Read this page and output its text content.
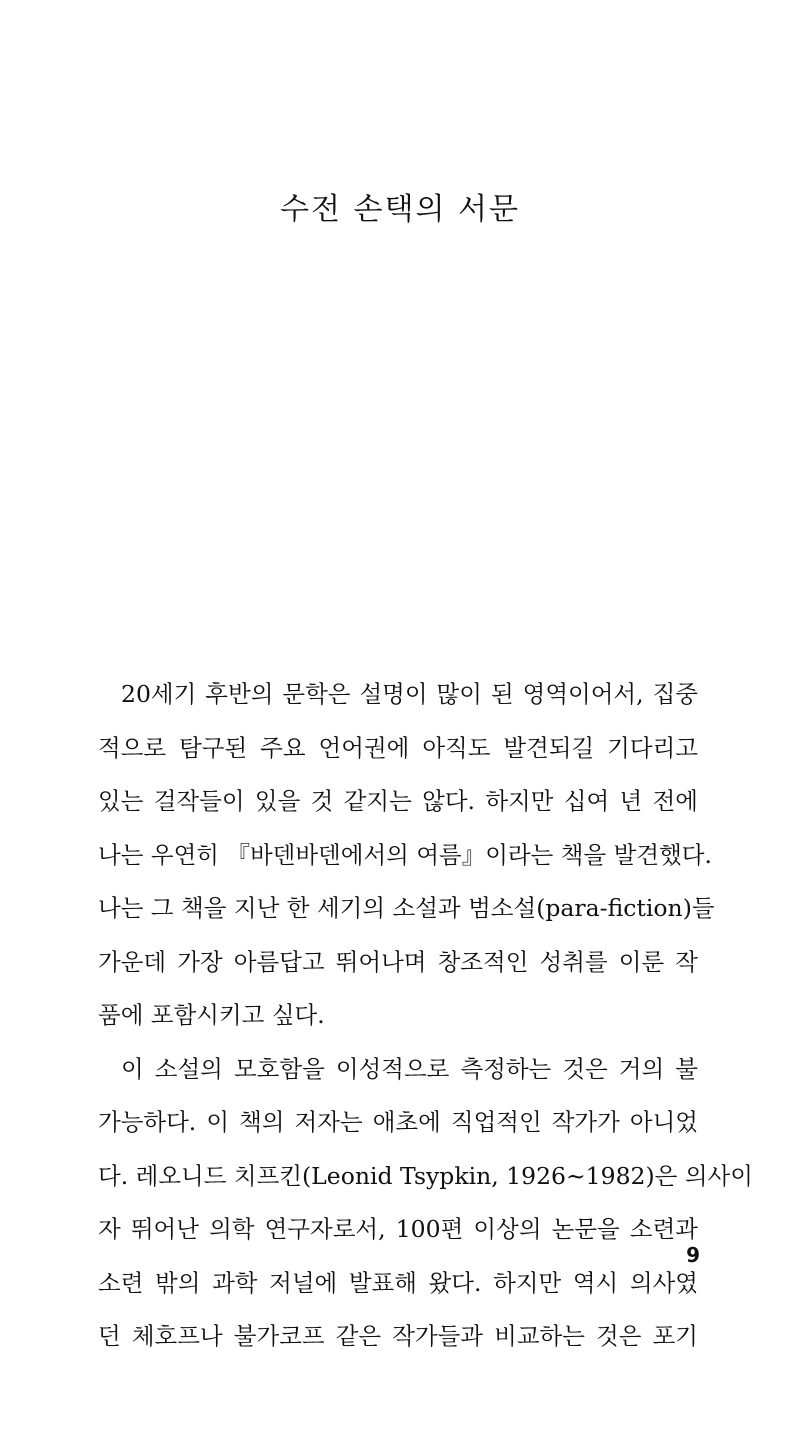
수전 손택의 서문
20세기 후반의 문학은 설명이 많이 된 영역이어서, 집중
적으로 탐구된 주요 언어권에 아직도 발견되길 기다리고
있는 걸작들이 있을 것 같지는 않다. 하지만 십여 년 전에
나는 우연히 『바덴바덴에서의 여름』이라는 책을 발견했다.
나는 그 책을 지난 한 세기의 소설과 범소설(para-fiction)들
가운데 가장 아름답고 뛰어나며 창조적인 성취를 이룬 작
품에 포함시키고 싶다.
이 소설의 모호함을 이성적으로 측정하는 것은 거의 불
가능하다. 이 책의 저자는 애초에 직업적인 작가가 아니었
다. 레오니드 치프킨(Leonid Tsypkin, 1926~1982)은 의사이
자 뛰어난 의학 연구자로서, 100편 이상의 논문을 소련과
소련 밖의 과학 저널에 발표해 왔다. 하지만 역시 의사였
던 체호프나 불가코프 같은 작가들과 비교하는 것은 포기
9
